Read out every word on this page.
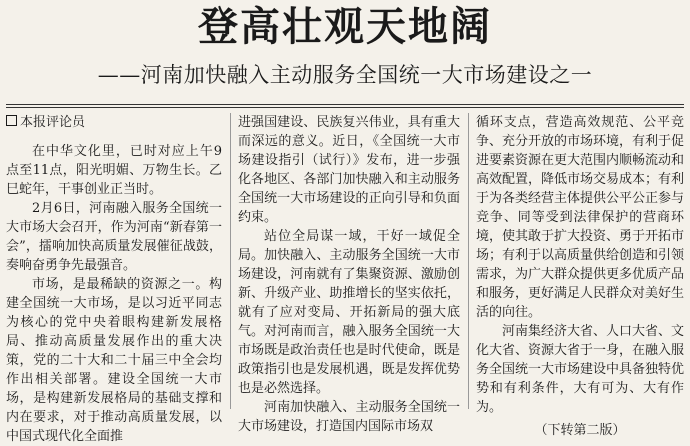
登高壮观天地阔
——河南加快融入主动服务全国统一大市场建设之一
本报评论员

在中华文化里，已时对应上午9点至11点，阳光明媚、万物生长。乙巳蛇年，干事创业正当时。

2月6日，河南融入服务全国统一大市场大会召开，作为河南“新春第一会”，擂响加快高质量发展催征战鼓，奏响奋勇争先最强音。

市场，是最稀缺的资源之一。构建全国统一大市场，是以习近平同志为核心的党中央着眼构建新发展格局、推动高质量发展作出的重大决策，党的二十大和二十届三中全会均作出相关部署。建设全国统一大市场，是构建新发展格局的基础支撑和内在要求，对于推动高质量发展，以中国式现代化全面推

进强国建设、民族复兴伟业，具有重大而深远的意义。近日，《全国统一大市场建设指引（试行）》发布，进一步强化各地区、各部门加快融入和主动服务全国统一大市场建设的正向引导和负面约束。

站位全局谋一域，干好一域促全局。加快融入、主动服务全国统一大市场建设，河南就有了集聚资源、激励创新、升级产业、助推增长的坚实依托，就有了应对变局、开拓新局的强大底气。对河南而言，融入服务全国统一大市场既是政治责任也是时代使命，既是政策指引也是发展机遇，既是发挥优势也是必然选择。

河南加快融入、主动服务全国统一大市场建设，打造国内国际市场双

循环支点，营造高效规范、公平竞争、充分开放的市场环境，有利于促进要素资源在更大范围内顺畅流动和高效配置，降低市场交易成本；有利于为各类经营主体提供公平公正参与竞争、同等受到法律保护的营商环境，使其敢于扩大投资、勇于开拓市场；有利于以高质量供给创造和引领需求，为广大群众提供更多优质产品和服务，更好满足人民群众对美好生活的向往。

河南集经济大省、人口大省、文化大省、资源大省于一身，在融入服务全国统一大市场建设中具备独特优势和有利条件，大有可为、大有作为。

（下转第二版）
